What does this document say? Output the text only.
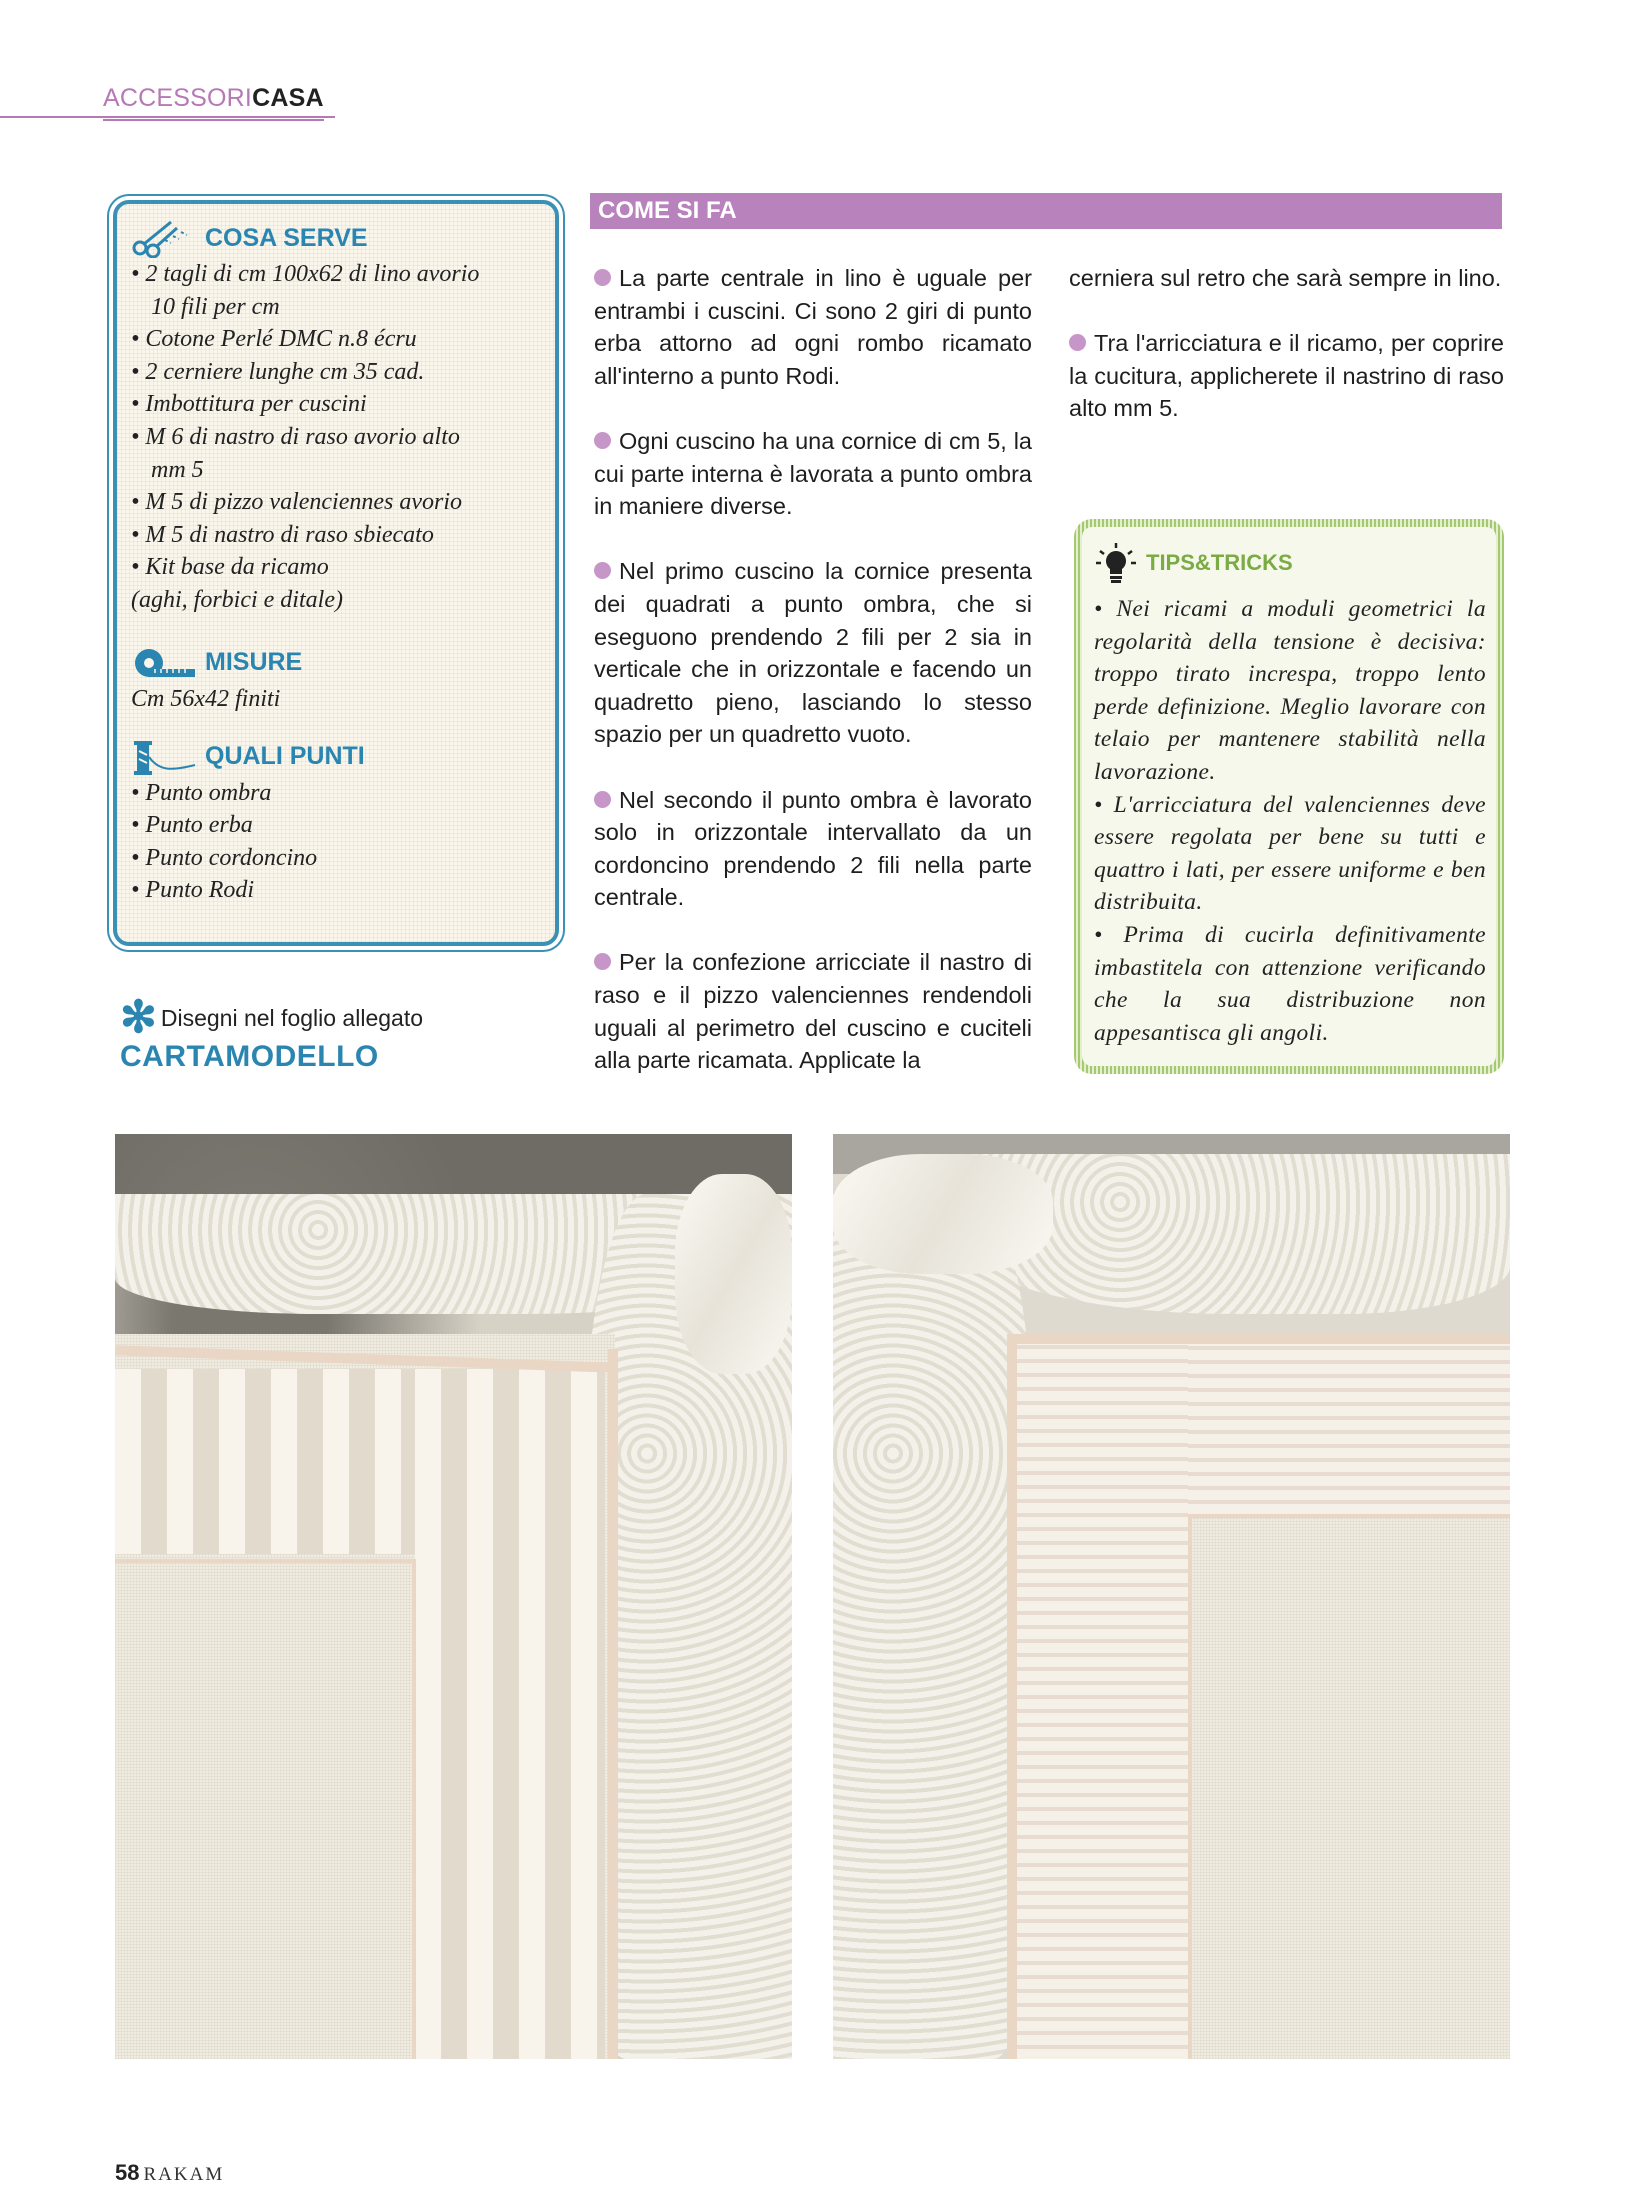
ACCESSORICASA
COSA SERVE
• 2 tagli di cm 100x62 di lino avorio
10 fili per cm
• Cotone Perlé DMC n.8 écru
• 2 cerniere lunghe cm 35 cad.
• Imbottitura per cuscini
• M 6 di nastro di raso avorio alto
mm 5
• M 5 di pizzo valenciennes avorio
• M 5 di nastro di raso sbiecato
• Kit base da ricamo
(aghi, forbici e ditale)
MISURE
Cm 56x42 finiti
QUALI PUNTI
• Punto ombra
• Punto erba
• Punto cordoncino
• Punto Rodi
✻ Disegni nel foglio allegato
CARTAMODELLO
COME SI FA

La parte centrale in lino è uguale per entrambi i cuscini. Ci sono 2 giri di punto erba attorno ad ogni rombo ricamato all'interno a punto Rodi.

Ogni cuscino ha una cornice di cm 5, la cui parte interna è lavorata a punto ombra in maniere diverse.

Nel primo cuscino la cornice presenta dei quadrati a punto ombra, che si eseguono prendendo 2 fili per 2 sia in verticale che in orizzontale e facendo un quadretto pieno, lasciando lo stesso spazio per un quadretto vuoto.

Nel secondo il punto ombra è lavorato solo in orizzontale intervallato da un cordoncino prendendo 2 fili nella parte centrale.

Per la confezione arricciate il nastro di raso e il pizzo valenciennes rendendoli uguali al perimetro del cuscino e cuciteli alla parte ricamata. Applicate la

cerniera sul retro che sarà sempre in lino.

Tra l'arricciatura e il ricamo, per coprire la cucitura, applicherete il nastrino di raso alto mm 5.

TIPS&TRICKS

• Nei ricami a moduli geometrici la regolarità della tensione è decisiva: troppo tirato increspa, troppo lento perde definizione. Meglio lavorare con telaio per mantenere stabilità nella lavorazione.

• L'arricciatura del valenciennes deve essere regolata per bene su tutti e quattro i lati, per essere uniforme e ben distribuita.

• Prima di cucirla definitivamente imbastitela con attenzione verificando che la sua distribuzione non appesantisca gli angoli.

58 RAKAM
